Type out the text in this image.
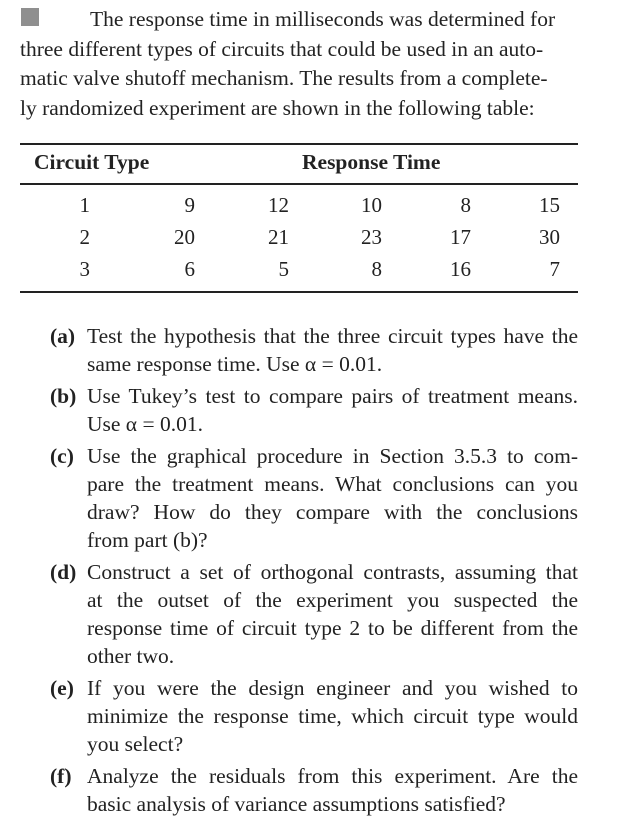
The response time in milliseconds was determined for
three different types of circuits that could be used in an auto-
matic valve shutoff mechanism. The results from a complete-
ly randomized experiment are shown in the following table:
Circuit Type	Response Time
1	9	12	10	8	15
2	20	21	23	17	30
3	6	5	8	16	7
(a) Test the hypothesis that the three circuit types have the
same response time. Use α = 0.01.
(b) Use Tukey’s test to compare pairs of treatment means.
Use α = 0.01.
(c) Use the graphical procedure in Section 3.5.3 to com-
pare the treatment means. What conclusions can you
draw? How do they compare with the conclusions
from part (b)?
(d) Construct a set of orthogonal contrasts, assuming that
at the outset of the experiment you suspected the
response time of circuit type 2 to be different from the
other two.
(e) If you were the design engineer and you wished to
minimize the response time, which circuit type would
you select?
(f) Analyze the residuals from this experiment. Are the
basic analysis of variance assumptions satisfied?
